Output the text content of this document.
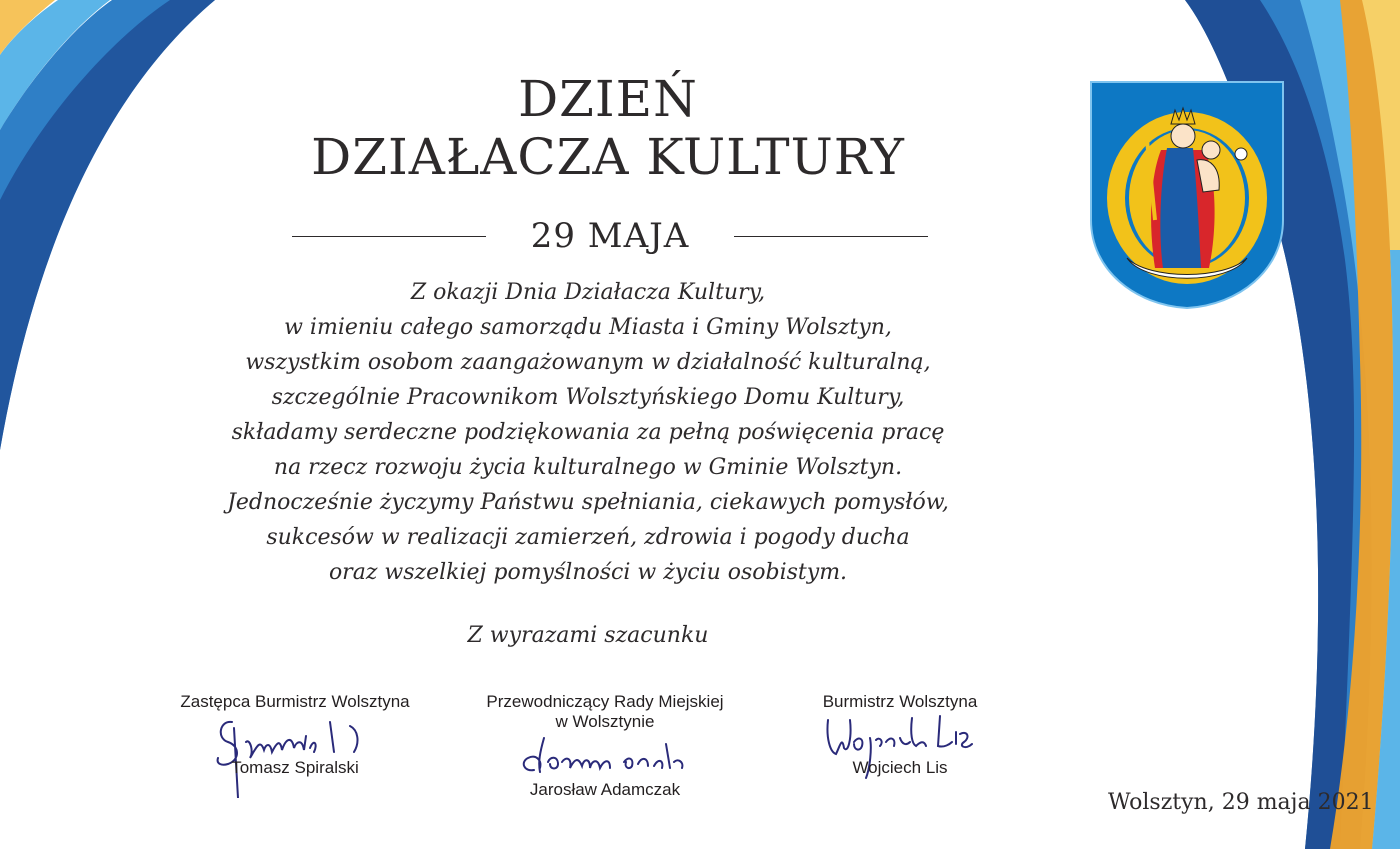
DZIEŃ
DZIAŁACZA KULTURY
29 MAJA
Z okazji Dnia Działacza Kultury,
w imieniu całego samorządu Miasta i Gminy Wolsztyn,
wszystkim osobom zaangażowanym w działalność kulturalną,
szczególnie Pracownikom Wolsztyńskiego Domu Kultury,
składamy serdeczne podziękowania za pełną poświęcenia pracę
na rzecz rozwoju życia kulturalnego w Gminie Wolsztyn.
Jednocześnie życzymy Państwu spełniania, ciekawych pomysłów,
sukcesów w realizacji zamierzeń, zdrowia i pogody ducha
oraz wszelkiej pomyślności w życiu osobistym.
Z wyrazami szacunku
Zastępca Burmistrz Wolsztyna
Tomasz Spiralski
Przewodniczący Rady Miejskiej
w Wolsztynie
Jarosław Adamczak
Burmistrz Wolsztyna
Wojciech Lis
Wolsztyn, 29 maja 2021
